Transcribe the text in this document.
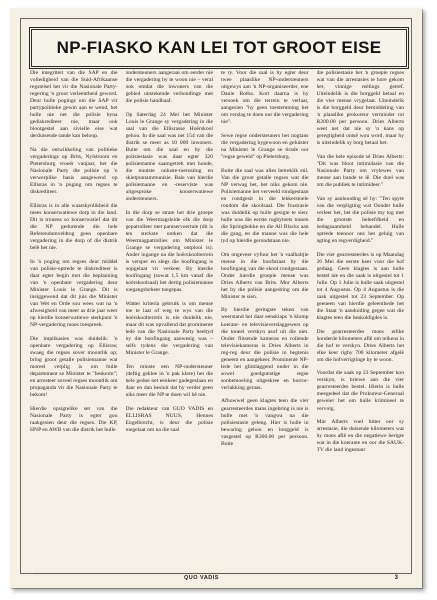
NP-FIASKO KAN LEI TOT GROOT EISE

Die integriteit van die SAP en die volledigheid van die Suid-Afrikaanse regstelsel het vir die Nasionale Party-regering 'n groot verleentheid geword. Deur hulle pogings om die SAP vir partypolitieke gewin aan te wend, het hulle nie net die polisie byna gediskrediteer nie, maar ook blootgestel aan sivielle eise wat derduisende rande kan beloop.

Na die ontwikkeling van politieke vergaderings op Brits, Nylstroom en Pietersburg vroeër vanjaar, het die Nasionale Party die polisie op 'n verwerplike basis aangewend op Ellisras in 'n poging om regses te diskrediteer.

Ellisras is in alle waarskynlikheid die mees konserwatiewe dorp in die land. Dit is trouens so konserwatief dat dit die NP gedurende die hele Referendumveldtog geen openbare vergadering in die dorp of die distrik belê het nie.

In 'n poging om regses deur middel van polisie-optrede te diskrediteer is daar egter begin met die beplanning van 'n openbare vergadering deur Minister Louis le Grange. Dit is insiggewend dat dit juis die Minister van Wet en Orde sou wees wat na 'n afwesigheid van meer as drie jaar weer op hierdie konserwatiewe sterkpunt 'n NP-vergadering moes toespreek.

Die implikasies was duidelik: 'n openbare vergadering op Ellisras; swaeg die regses sover moontlik op; bring groot getalle polisiemanne wat moreel verplig is om hulle departement se Minister te "beskerm"; en arresteer soveel regses moontlik om propaganda vir die Nasionale Party te bekom!

Hierdie opsigtelike set van die Nasionale Party is egter gou raakgesien deur die regses. Die KP, HNP en AWB van die distrik het hulle

ondersteuners aangeraai om eerder nie die vergadering by te woon nie – veral ook omdat die inwoners van die gebied uitstekende verhoudinge met die polisie handhaaf.

Op Saterdag 24 Mei het Minister Louis le Grange sy vergadering in die saal van die Ellisrasse Hoërskool gehou. In die saal was net 154 van die distrik se meer as 10 000 inwoners. Buite om die saal en by die polisiestasie was daar egter 320 polisiemanne saamgetrek met honde, die nuutste onluste-toerusting en skietpuntammunisie. Baie van hierdie polisiemanne en -reserviste was uitgesproke konserwatiewe ondersteuners.

In die dorp se strate het drie groepe van die Weermagsleide elk die dorp gepatrolleer met pantservoertuie (dit is ten sterkste ontken dat die Weermagpatrollies om Minister le Grange se vergadering ontplooi is). Ander ingange na die hoërskoolterrein is versper en slegs die hoofingang is oopgelaat vir verkeer. By hierdie hoofingang (sowat 1,5 km vanaf die hoërskoolsaal) het dertig polisiemanne toegangsbeheer toegepas.

Watter kriteria gebruik is om mense toe te laat of weg te wys van die hoërskoolterrein is nie duidelik nie, maar dit was opvallend dat prominente lede van die Nasionale Party heeltyd by die hoofingang aanwesig was – selfs tydens die vergadering van Minister le Grange.

Ten minste een NP-ondersteuner (deftig geklee in 'n pak klere) het die hele gedoe net eenkeer gadegeslaan en daar en dan besluit dat hy verder geen niks meer die NP te doen wil hê nie.

Die redakteur van GUO VADIS en ELLISRAS NUUS, Hennes Engelbrecht, is deur die polisie toegelaat om na die saal

te ry. Voor die saal is hy egter deur twee plaaslike NP-ondersteuners uitgewys aan 'n NP-organiseerder, ene Danie Botha. Kort daarna is hy versoek om die terrein te verlaat, aangesien "hy geen toestemming het om verslag te doen oor die vergadering nie".

Sewe regse ondersteuners het nogtans die vergadering bygewoon en geluister na Minister le Grange se tirade oor "regse geweld" op Pietersburg.

Buite die saal was alles betreklik stil. Van die groot getalle regses wat die NP verwag het, het niks gekom nie. Polisiemanne het verveeld rondgestaan en rondgesit in die lekkerstoele rondom die skoolsaal. Die frustrasie was duidelik op hulle gesigte te sien: hulle was die eerste rugbytoets tussen die Springbokke en die All Blacks aan die gang, en die manne was die hele tyd op hierdie gerondstaan nie.

Om ongeveer vyfuur het 'n vaalhaltjie mense in die hoofstraat by die hoofingang van die skool rondgestaan. Onder hierdie groepie mense was Dries Alberts van Brits. Mnr Alberts het by die polisie aangedring om die Minister te sien.

By hierdie geringste teken van weerstand het daar eensklaps 'n klomp koerant- en televisieverslaggewers op die toneel verskyn asof uit die niet. Onder flitsende kameras en rollende televisiekameras is Dries Alberts in reg-reg deur die polisie in hegtenis geneem en aangekeer. Prominente NP-lede het glimlaggend onder in die sowel goedgunstige regse sonbemoeiing uitgeskree en horror-verlakking geraas.

Afhowwel geen klagtes teen die vier gearresteerdes mans ingebring is nie is hulle met 'n vangwa na die polisiestasie geleng. Hier is hulle in bewaring gehou en borggeld is vasgestel op R300.00 per persoon. Buite

die polisiestasie het 'n groepie regses wat van die arrestasies te hore gekom het, vinnige reëlings getref. Uiteindelik is die borggeld betaal en die vier mense vrygelaat. Uiteindelik is die borggeld deur bemiddeling van 'n plaaslike prokureur verminder tot R200.00 per persoon. Dries Alberts weet net dat nie sy 'n kans op geregtigheid ontsê wou word, maar hy is uiteindelik sy borg betaal het.

Van die hele episode sê Dries Alberts: "Dit was bloot intimidasie van die Nasionale Party om vrylewes van mense aan bande te lê. Die doel was om die publiek te intimideer."

Van sy aanhouding sê hy: "Ten spyte van die verpligting wat Oonder hulle verleer het, het die polisie my tog met die grootste beleefdheid en bedagsaamheid behandel. Hulle optrede teenoor ons het geluig van agting en regverdigheid."

Die vier gearresteerdes is op Maandag 26 Mei die eerste keer voor die hof gedaag. Geen klagtes is aan hulle bestel nie en die saak is uitgestel tot 1 Julie. Op 1 Julie is hulle saak uitgestel tot 4 Augustus. Op 4 Augustus is die saak uitgestel tot 23 September. Op geeneen van hierdie geleenthede het die Staat 'n aanduiding gegee wat die klagtes teen die beskuldigdes is.

Die gearresteerdes moes etlike honderde kilometers aflê om telkens in die hof te verskyn. Dries Alberts het elke keer rigby 700 kilometer afgelê om die hofverrigtinge by te woon.

Voordat die saak op 23 September kon verskyn, is briewe aan die vier gearresteerdes bestel. Hierin is hulle meegedeel dat die Prokureur-Generaal geweier het om hulle krimineel te vervolg.

Mnr Alberts voel bitter oor sy arrestasie, die duisende kilometers wat hy moes aflê en die negatiewe berigte wat in die koerante en oor die SAUK-TV die land ingestuur

QUO VADIS	3
